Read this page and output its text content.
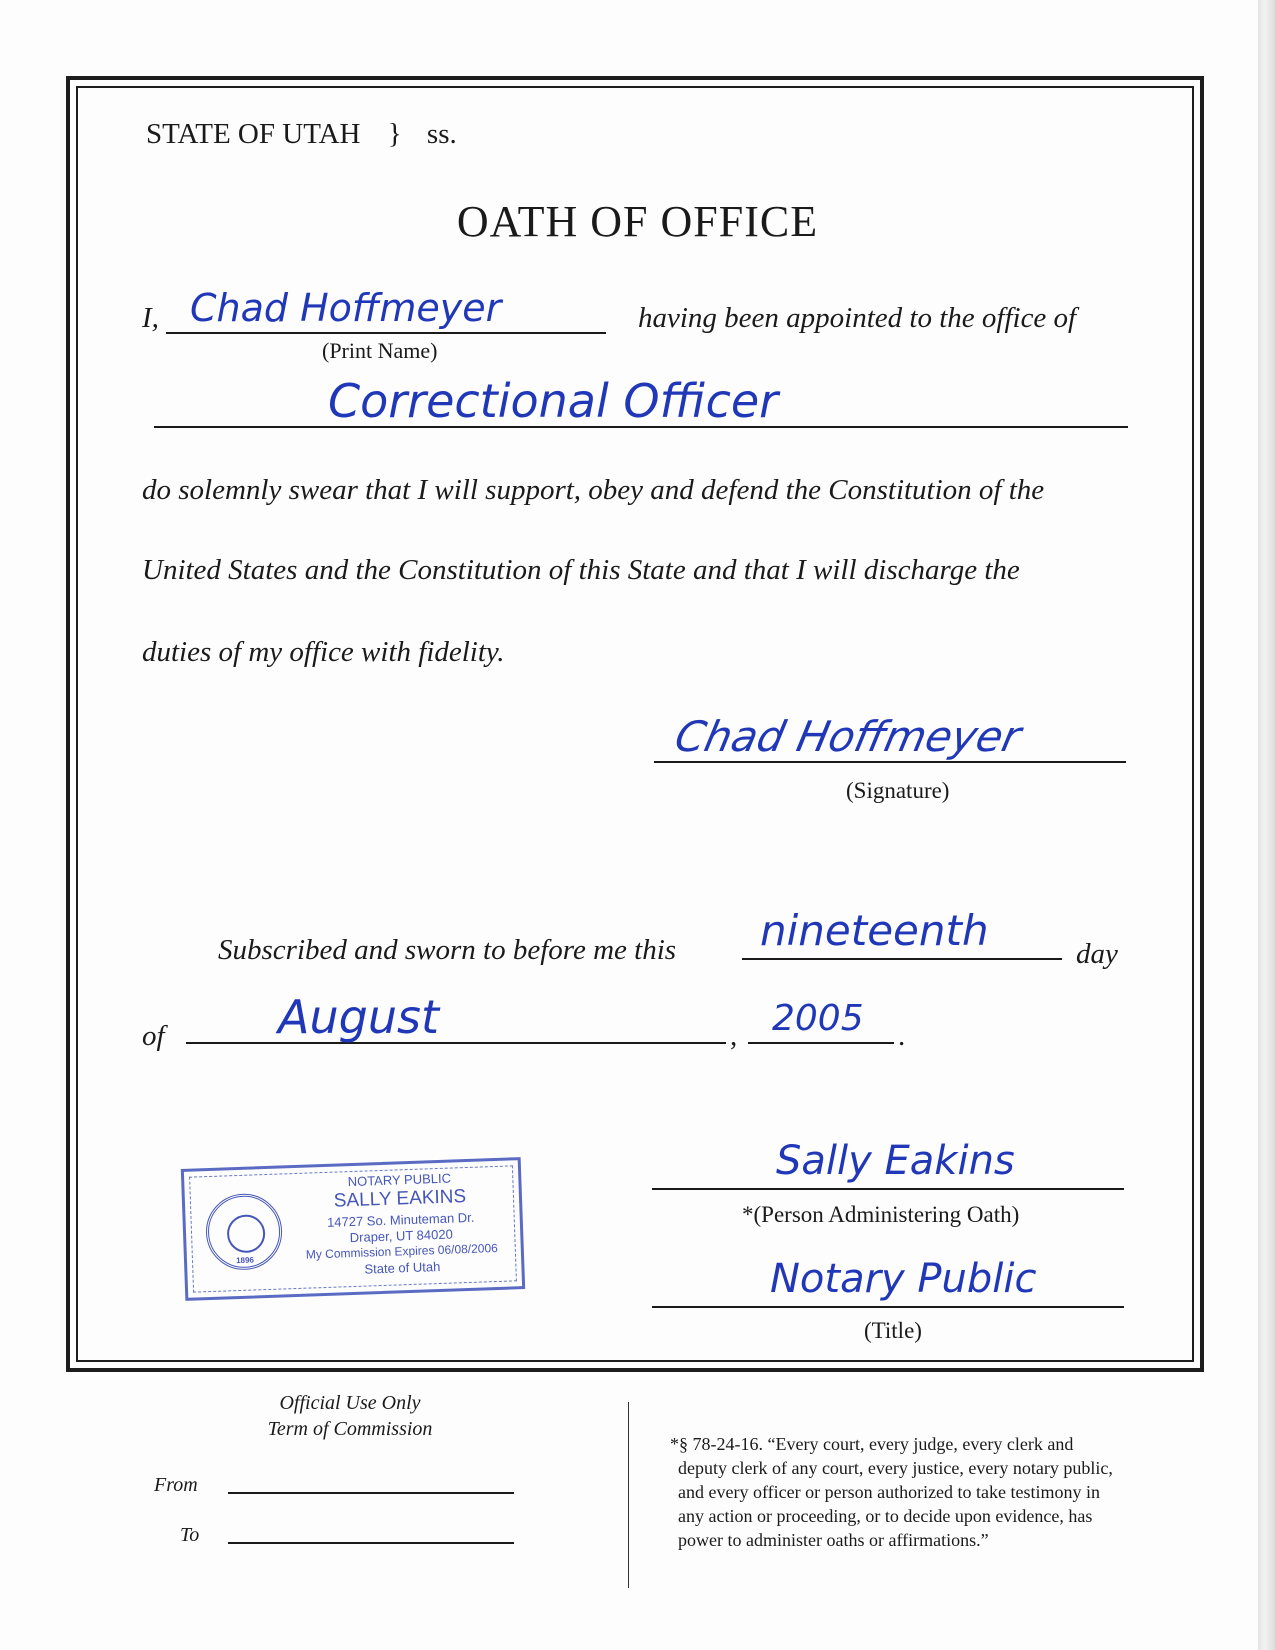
STATE OF UTAH } ss.
OATH OF OFFICE
I, Chad Hoffmeyer
(Print Name)
having been appointed to the office of
Correctional Officer
do solemnly swear that I will support, obey and defend the Constitution of the
United States and the Constitution of this State and that I will discharge the
duties of my office with fidelity.
Chad Hoffmeyer
(Signature)
Subscribed and sworn to before me this nineteenth	day
of August	, 2005 .
1896
NOTARY PUBLIC
SALLY EAKINS
14727 So. Minuteman Dr.
Draper, UT 84020
My Commission Expires 06/08/2006
State of Utah
Sally Eakins
*(Person Administering Oath)
Notary Public
(Title)
Official Use Only
Term of Commission
From
To
*§ 78-24-16. “Every court, every judge, every clerk and
deputy clerk of any court, every justice, every notary public,
and every officer or person authorized to take testimony in
any action or proceeding, or to decide upon evidence, has
power to administer oaths or affirmations.”
